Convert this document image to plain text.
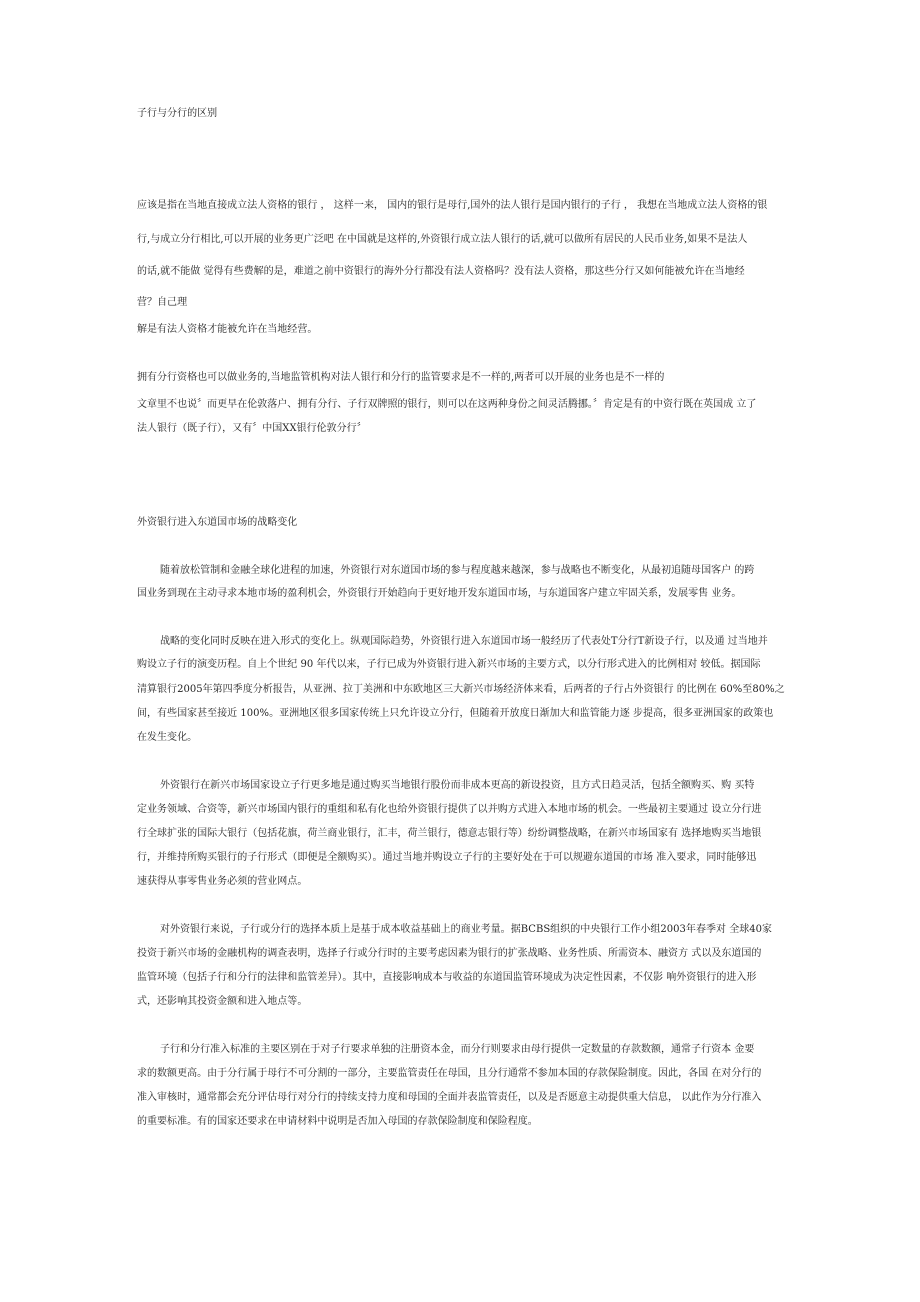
子行与分行的区别
应该是指在当地直接成立法人资格的银行 ， 这样一来， 国内的银行是母行,国外的法人银行是国内银行的子行 ， 我想在当地成立法人资格的银
行,与成立分行相比,可以开展的业务更广泛吧 在中国就是这样的,外资银行成立法人银行的话,就可以做所有居民的人民币业务,如果不是法人
的话,就不能做 觉得有些费解的是，难道之前中资银行的海外分行都没有法人资格吗？没有法人资格，那这些分行又如何能被允许在当地经
营？自己理
解是有法人资格才能被允许在当地经营。
拥有分行资格也可以做业务的,当地监管机构对法人银行和分行的监管要求是不一样的,两者可以开展的业务也是不一样的
文章里不也说〞而更早在伦敦落户、拥有分行、子行双牌照的银行，则可以在这两种身份之间灵活腾挪。〞肯定是有的中资行既在英国成 立了
法人银行（既子行），又有〞中国XX银行伦敦分行〞
外资银行进入东道国市场的战略变化
随着放松管制和金融全球化进程的加速，外资银行对东道国市场的参与程度越来越深，参与战略也不断变化，从最初追随母国客户 的跨
国业务到现在主动寻求本地市场的盈利机会，外资银行开始趋向于更好地开发东道国市场，与东道国客户建立牢固关系，发展零售 业务。
战略的变化同时反映在进入形式的变化上。纵观国际趋势，外资银行进入东道国市场一般经历了代表处T分行T新设子行，以及通 过当地并
购设立子行的演变历程。自上个世纪 90 年代以来，子行已成为外资银行进入新兴市场的主要方式，以分行形式进入的比例相对 较低。据国际
清算银行2005年第四季度分析报告，从亚洲、拉丁美洲和中东欧地区三大新兴市场经济体来看，后两者的子行占外资银行 的比例在 60%至80%之
间，有些国家甚至接近 100%。亚洲地区很多国家传统上只允许设立分行，但随着开放度日渐加大和监管能力逐 步提高，很多亚洲国家的政策也
在发生变化。
外资银行在新兴市场国家设立子行更多地是通过购买当地银行股份而非成本更高的新设投资，且方式日趋灵活，包括全额购买、购 买特
定业务领域、合资等，新兴市场国内银行的重组和私有化也给外资银行提供了以并购方式进入本地市场的机会。一些最初主要通过 设立分行进
行全球扩张的国际大银行（包括花旗，荷兰商业银行，汇丰，荷兰银行，德意志银行等）纷纷调整战略，在新兴市场国家有 选择地购买当地银
行，并维持所购买银行的子行形式（即便是全额购买）。通过当地并购设立子行的主要好处在于可以规避东道国的市场 准入要求，同时能够迅
速获得从事零售业务必须的营业网点。
对外资银行来说，子行或分行的选择本质上是基于成本收益基础上的商业考量。据BCBS组织的中央银行工作小组2003年春季对 全球40家
投资于新兴市场的金融机构的调查表明，选择子行或分行时的主要考虑因素为银行的扩张战略、业务性质、所需资本、融资方 式以及东道国的
监管环境（包括子行和分行的法律和监管差异）。其中，直接影响成本与收益的东道国监管环境成为决定性因素，不仅影 响外资银行的进入形
式，还影响其投资金额和进入地点等。
子行和分行准入标准的主要区别在于对子行要求单独的注册资本金，而分行则要求由母行提供一定数量的存款数额，通常子行资本 金要
求的数额更高。由于分行属于母行不可分割的一部分，主要监管责任在母国，且分行通常不参加本国的存款保险制度。因此，各国 在对分行的
准入审核时，通常都会充分评估母行对分行的持续支持力度和母国的全面并表监管责任，以及是否愿意主动提供重大信息， 以此作为分行准入
的重要标准。有的国家还要求在申请材料中说明是否加入母国的存款保险制度和保险程度。
